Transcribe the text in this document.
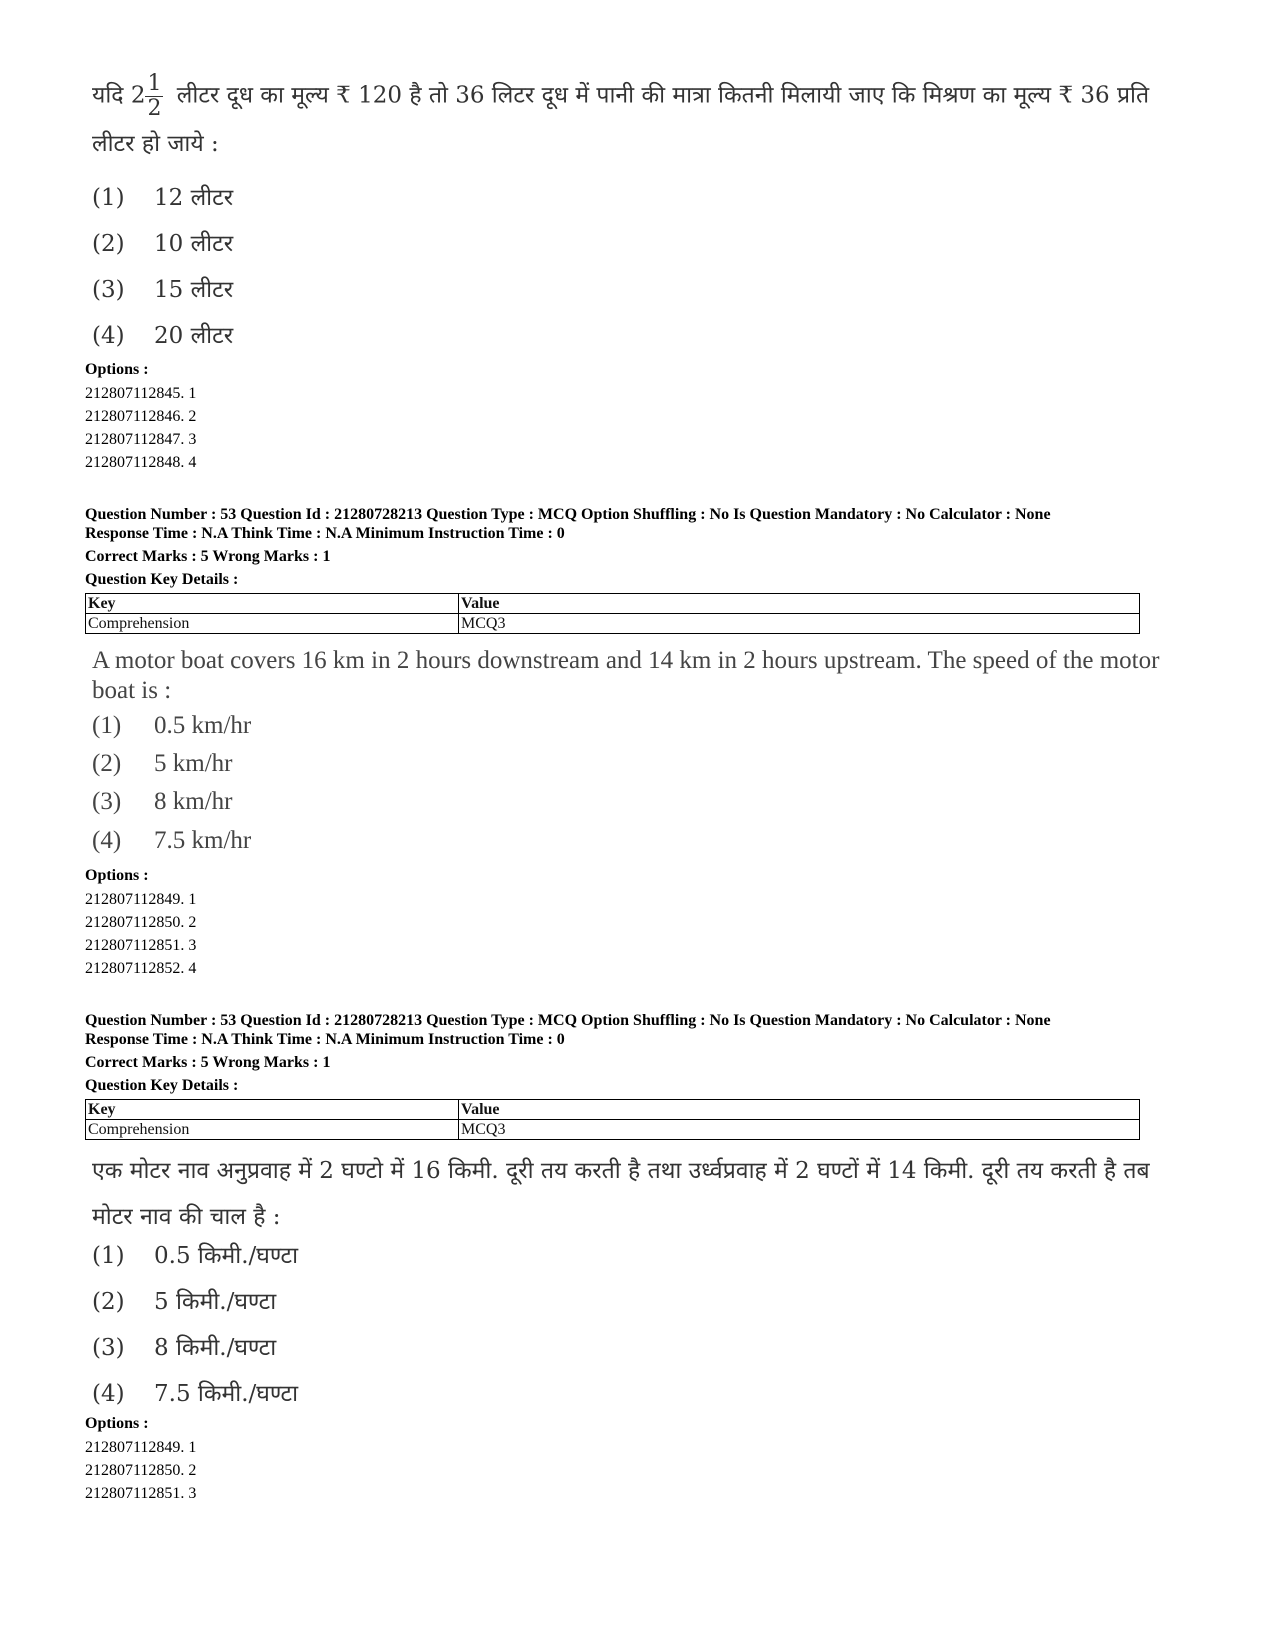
यदि $2 \frac{1}{2}$ लीटर दूध का मूल्य ₹ 120 है तो 36 लिटर दूध में पानी की मात्रा कितनी मिलायी जाए कि मिश्रण का मूल्य ₹ 36 प्रति लीटर हो जाये :
(1) 12 लीटर
(2) 10 लीटर
(3) 15 लीटर
(4) 20 लीटर
Options :
212807112845. 1
212807112846. 2
212807112847. 3
212807112848. 4
Question Number : 53 Question Id : 21280728213 Question Type : MCQ Option Shuffling : No Is Question Mandatory : No Calculator : None
Response Time : N.A Think Time : N.A Minimum Instruction Time : 0
Correct Marks : 5 Wrong Marks : 1
Question Key Details :
Key	Value
Comprehension	MCQ3
A motor boat covers 16 km in 2 hours downstream and 14 km in 2 hours upstream. The speed of the motor boat is :
(1) 0.5 km/hr
(2) 5 km/hr
(3) 8 km/hr
(4) 7.5 km/hr
Options :
212807112849. 1
212807112850. 2
212807112851. 3
212807112852. 4
Question Number : 53 Question Id : 21280728213 Question Type : MCQ Option Shuffling : No Is Question Mandatory : No Calculator : None
Response Time : N.A Think Time : N.A Minimum Instruction Time : 0
Correct Marks : 5 Wrong Marks : 1
Question Key Details :
Key	Value
Comprehension	MCQ3
एक मोटर नाव अनुप्रवाह में 2 घण्टो में 16 किमी. दूरी तय करती है तथा उर्ध्वप्रवाह में 2 घण्टों में 14 किमी. दूरी तय करती है तब मोटर नाव की चाल है :
(1) 0.5 किमी./घण्टा
(2) 5 किमी./घण्टा
(3) 8 किमी./घण्टा
(4) 7.5 किमी./घण्टा
Options :
212807112849. 1
212807112850. 2
212807112851. 3
